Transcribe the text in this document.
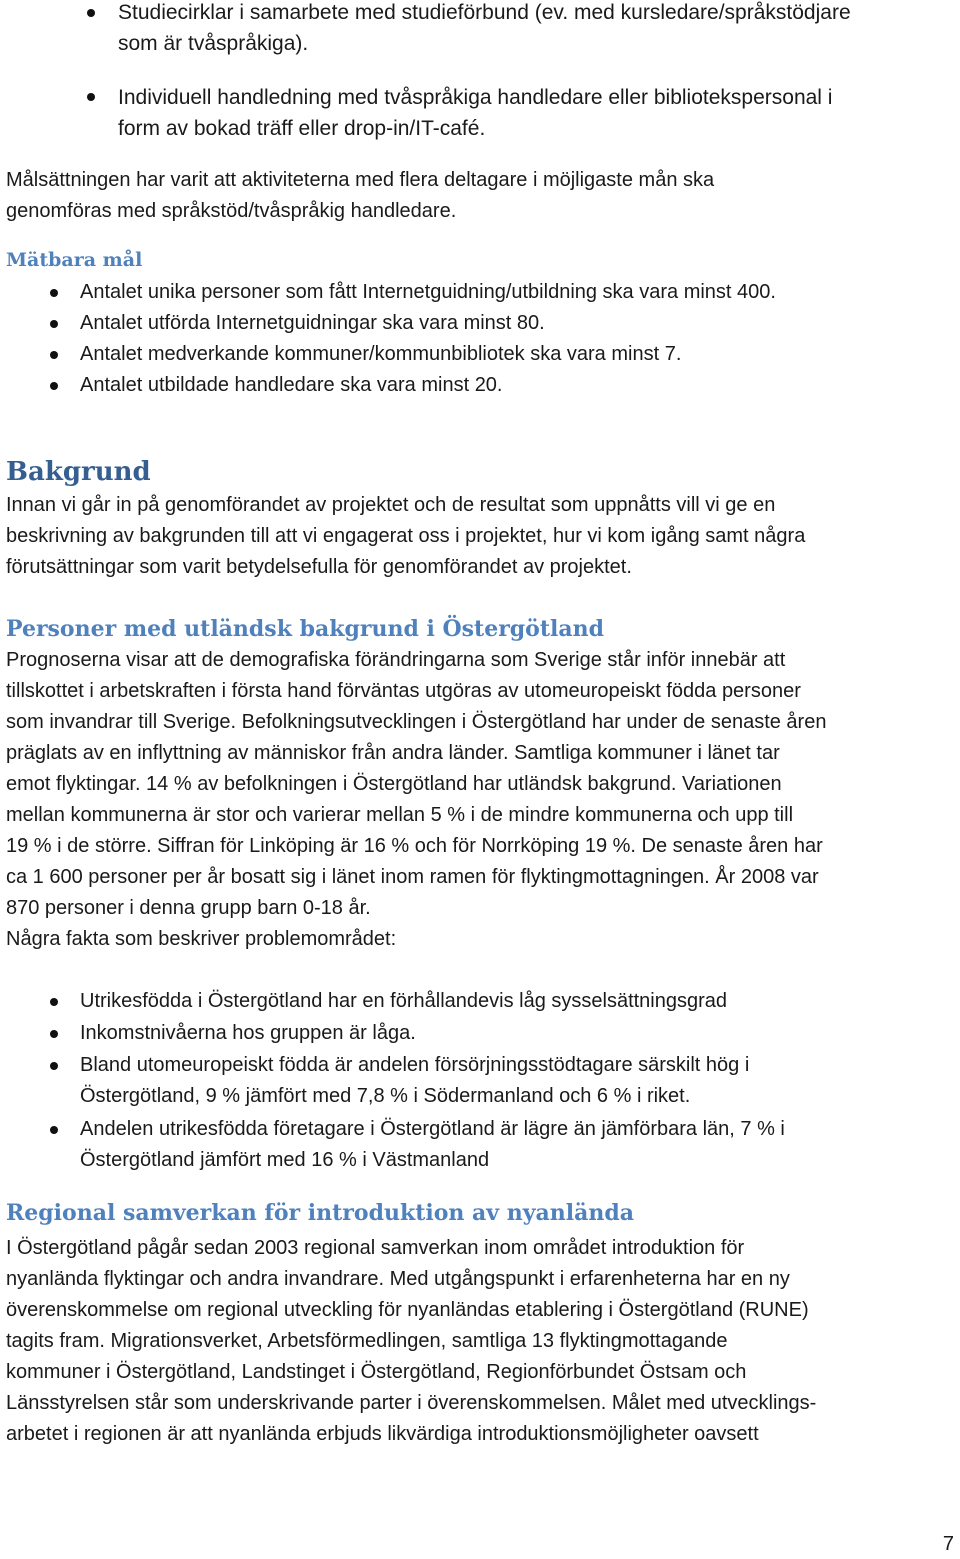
Studiecirklar i samarbete med studieförbund (ev. med kursledare/språkstödjare
som är tvåspråkiga).
Individuell handledning med tvåspråkiga handledare eller bibliotekspersonal i
form av bokad träff eller drop-in/IT-café.
Målsättningen har varit att aktiviteterna med flera deltagare i möjligaste mån ska
genomföras med språkstöd/tvåspråkig handledare.
Mätbara mål
Antalet unika personer som fått Internetguidning/utbildning ska vara minst 400.
Antalet utförda Internetguidningar ska vara minst 80.
Antalet medverkande kommuner/kommunbibliotek ska vara minst 7.
Antalet utbildade handledare ska vara minst 20.
Bakgrund
Innan vi går in på genomförandet av projektet och de resultat som uppnåtts vill vi ge en
beskrivning av bakgrunden till att vi engagerat oss i projektet, hur vi kom igång samt några
förutsättningar som varit betydelsefulla för genomförandet av projektet.
Personer med utländsk bakgrund i Östergötland
Prognoserna visar att de demografiska förändringarna som Sverige står inför innebär att
tillskottet i arbetskraften i första hand förväntas utgöras av utomeuropeiskt födda personer
som invandrar till Sverige. Befolkningsutvecklingen i Östergötland har under de senaste åren
präglats av en inflyttning av människor från andra länder. Samtliga kommuner i länet tar
emot flyktingar. 14 % av befolkningen i Östergötland har utländsk bakgrund. Variationen
mellan kommunerna är stor och varierar mellan 5 % i de mindre kommunerna och upp till
19 % i de större. Siffran för Linköping är 16 % och för Norrköping 19 %. De senaste åren har
ca 1 600 personer per år bosatt sig i länet inom ramen för flyktingmottagningen. År 2008 var
870 personer i denna grupp barn 0-18 år.
Några fakta som beskriver problemområdet:
Utrikesfödda i Östergötland har en förhållandevis låg sysselsättningsgrad
Inkomstnivåerna hos gruppen är låga.
Bland utomeuropeiskt födda är andelen försörjningsstödtagare särskilt hög i
Östergötland, 9 % jämfört med 7,8 % i Södermanland och 6 % i riket.
Andelen utrikesfödda företagare i Östergötland är lägre än jämförbara län, 7 % i
Östergötland jämfört med 16 % i Västmanland
Regional samverkan för introduktion av nyanlända
I Östergötland pågår sedan 2003 regional samverkan inom området introduktion för
nyanlända flyktingar och andra invandrare. Med utgångspunkt i erfarenheterna har en ny
överenskommelse om regional utveckling för nyanländas etablering i Östergötland (RUNE)
tagits fram. Migrationsverket, Arbetsförmedlingen, samtliga 13 flyktingmottagande
kommuner i Östergötland, Landstinget i Östergötland, Regionförbundet Östsam och
Länsstyrelsen står som underskrivande parter i överenskommelsen. Målet med utvecklings-
arbetet i regionen är att nyanlända erbjuds likvärdiga introduktionsmöjligheter oavsett
7
